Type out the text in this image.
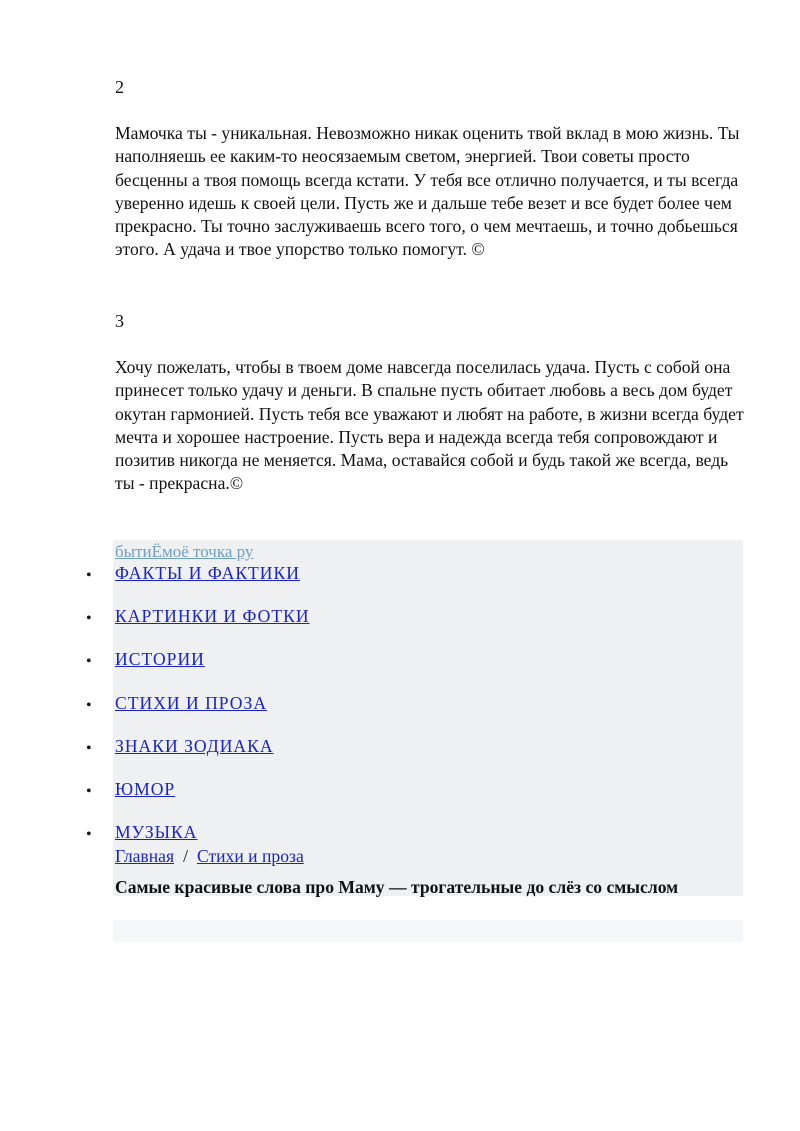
2

Мамочка ты - уникальная. Невозможно никак оценить твой вклад в мою жизнь. Ты наполняешь ее каким-то неосязаемым светом, энергией. Твои советы просто бесценны а твоя помощь всегда кстати. У тебя все отлично получается, и ты всегда уверенно идешь к своей цели. Пусть же и дальше тебе везет и все будет более чем прекрасно. Ты точно заслуживаешь всего того, о чем мечтаешь, и точно добьешься этого. А удача и твое упорство только помогут. ©

3

Хочу пожелать, чтобы в твоем доме навсегда поселилась удача. Пусть с собой она принесет только удачу и деньги. В спальне пусть обитает любовь а весь дом будет окутан гармонией. Пусть тебя все уважают и любят на работе, в жизни всегда будет мечта и хорошее настроение. Пусть вера и надежда всегда тебя сопровождают и позитив никогда не меняется. Мама, оставайся собой и будь такой же всегда, ведь ты - прекрасна.©

бытиЁмоё точка ру
•	ФАКТЫ И ФАКТИКИ
•	КАРТИНКИ И ФОТКИ
•	ИСТОРИИ
•	СТИХИ И ПРОЗА
•	ЗНАКИ ЗОДИАКА
•	ЮМОР
•	МУЗЫКА
Главная / Стихи и проза
Самые красивые слова про Маму — трогательные до слёз со смыслом
